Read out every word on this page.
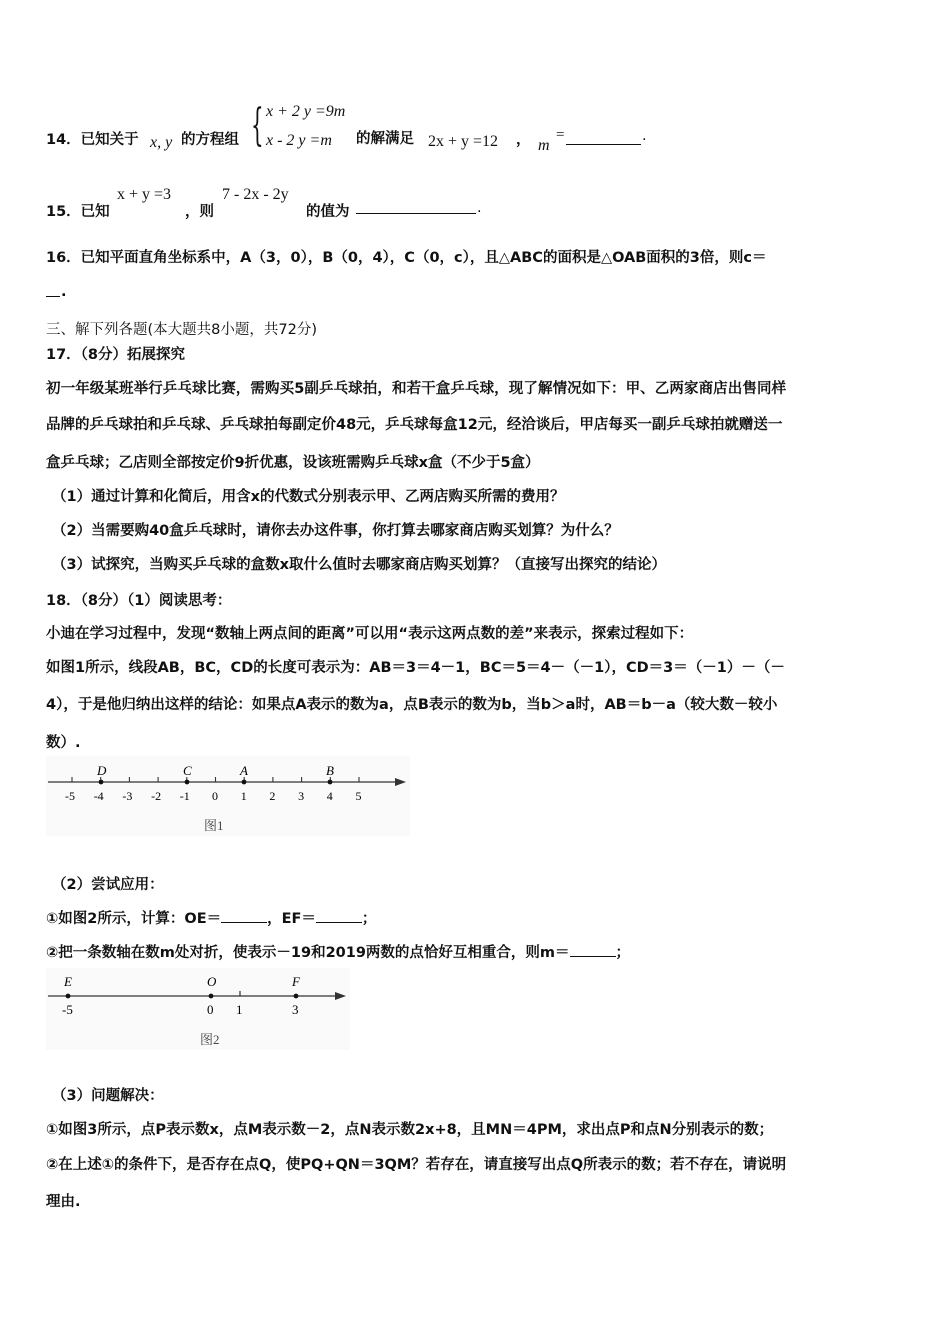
14．已知关于 x, y 的方程组 { x + 2 y =9m
x - 2 y =m 的解满足 2x + y =12 ， m
=	.
15．已知
x + y =3
，则
7 - 2x - 2y
的值为	.
16．已知平面直角坐标系中，A（3，0），B（0，4），C（0，c），且△ABC的面积是△OAB面积的3倍，则c＝
.
三、解下列各题(本大题共8小题，共72分)
17．（8分）拓展探究
初一年级某班举行乒乓球比赛，需购买5副乒乓球拍，和若干盒乒乓球，现了解情况如下：甲、乙两家商店出售同样
品牌的乒乓球拍和乒乓球、乒乓球拍每副定价48元，乒乓球每盒12元，经洽谈后，甲店每买一副乒乓球拍就赠送一
盒乒乓球；乙店则全部按定价9折优惠，设该班需购乒乓球x盒（不少于5盒）
（1）通过计算和化简后，用含x的代数式分别表示甲、乙两店购买所需的费用？
（2）当需要购40盒乒乓球时，请你去办这件事，你打算去哪家商店购买划算？为什么？
（3）试探究，当购买乒乓球的盒数x取什么值时去哪家商店购买划算？（直接写出探究的结论）
18．（8分）（1）阅读思考：
小迪在学习过程中，发现“数轴上两点间的距离”可以用“表示这两点数的差”来表示，探索过程如下：
如图1所示，线段AB，BC，CD的长度可表示为：AB＝3＝4－1，BC＝5＝4－（－1），CD＝3＝（－1）－（－
4），于是他归纳出这样的结论：如果点A表示的数为a，点B表示的数为b，当b＞a时，AB＝b－a（较大数－较小
数）.
-5 -4 -3 -2 -1 0 1 2 3 4 5
D	C	A	B
图1
（2）尝试应用：
①如图2所示，计算：OE＝	，EF＝	；
②把一条数轴在数m处对折，使表示－19和2019两数的点恰好互相重合，则m＝	；
E	O	F
-5	0 1	3
图2
（3）问题解决：
①如图3所示，点P表示数x，点M表示数－2，点N表示数2x+8，且MN＝4PM，求出点P和点N分别表示的数；
②在上述①的条件下，是否存在点Q，使PQ+QN＝3QM？若存在，请直接写出点Q所表示的数；若不存在，请说明
理由.
